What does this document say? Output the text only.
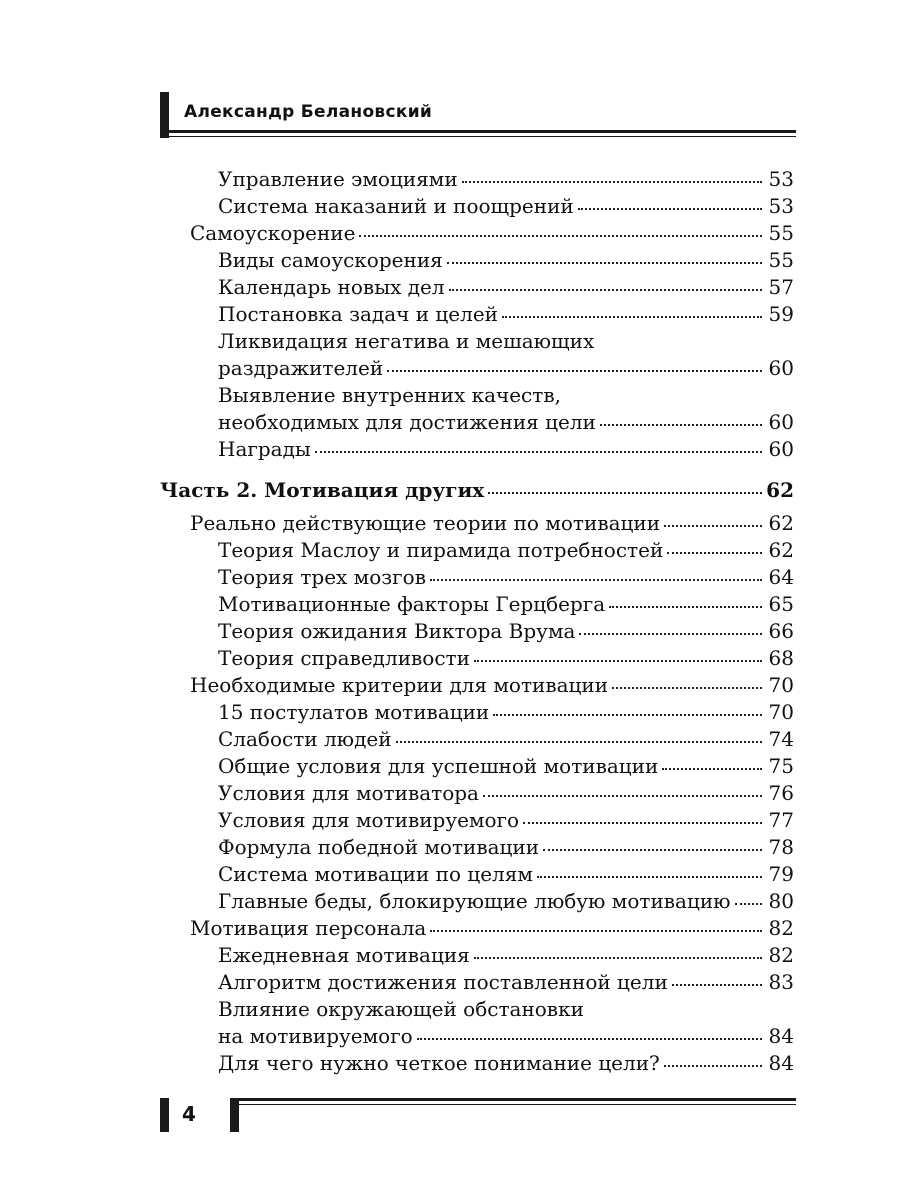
Александр Белановский
Управление эмоциями	53
Система наказаний и поощрений	53
Самоускорение	55
Виды самоускорения	55
Календарь новых дел	57
Постановка задач и целей	59
Ликвидация негатива и мешающих
раздражителей	60
Выявление внутренних качеств,
необходимых для достижения цели	60
Награды	60
Часть 2. Мотивация других	62
Реально действующие теории по мотивации	62
Теория Маслоу и пирамида потребностей	62
Теория трех мозгов	64
Мотивационные факторы Герцберга	65
Теория ожидания Виктора Врума	66
Теория справедливости	68
Необходимые критерии для мотивации	70
15 постулатов мотивации	70
Слабости людей	74
Общие условия для успешной мотивации	75
Условия для мотиватора	76
Условия для мотивируемого	77
Формула победной мотивации	78
Система мотивации по целям	79
Главные беды, блокирующие любую мотивацию 80
Мотивация персонала	82
Ежедневная мотивация	82
Алгоритм достижения поставленной цели	83
Влияние окружающей обстановки
на мотивируемого	84
Для чего нужно четкое понимание цели?	84
4
